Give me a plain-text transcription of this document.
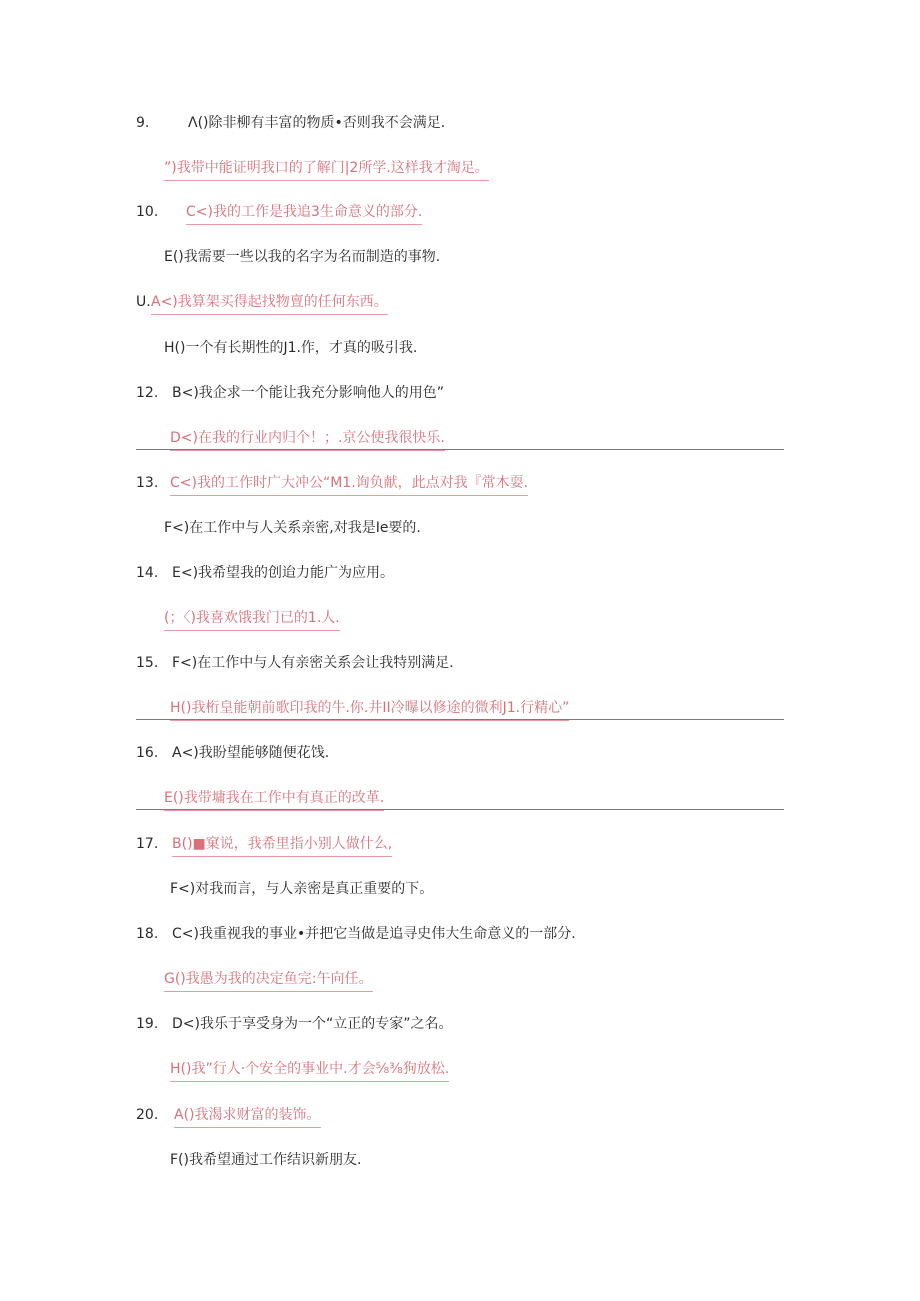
9.	Λ()除非柳有丰富的物质•否则我不会满足.
”)我带中能证明我口的了解门|2所学.这样我才淘足。
10.	C<)我的工作是我追3生命意义的部分.
E()我需要一些以我的名字为名而制造的事物.
U. A<)我算架买得起找物亶的任何东西。
H()一个有长期性的J1.作，才真的吸引我.
12. B<)我企求一个能让我充分影响他人的用色”
D<)在我的行业内归个！；.京公使我很快乐.
13. C<)我的工作时广大冲公“M1.询负献，此点对我『常木耍.
F<)在工作中与人关系亲密,对我是Ie要的.
14. E<)我希望我的创迨力能广为应用。
(；〈)我喜欢饿我门已的1.人.
15. F<)在工作中与人有亲密关系会让我特别满足.
H()我桁皇能朝前歌印我的牛.你.井II冷曝以修途的微利J1.行精心”
16. A<)我盼望能够随便花饯.
E()我带墉我在工作中有真正的改革.
17. B()■窠说，我希里指小别人做什么,
F<)对我而言，与人亲密是真正重要的下。
18. C<)我重视我的事业•并把它当做是追寻史伟大生命意义的一部分.
G()我愚为我的决定鱼完:午向任。
19. D<)我乐于享受身为一个“立正的专家”之名。
H()我”行人·个安全的事业中.才会⅝⅜狗放松.
20.	A()我渴求财富的装饰。
F()我希望通过工作结识新朋友.
